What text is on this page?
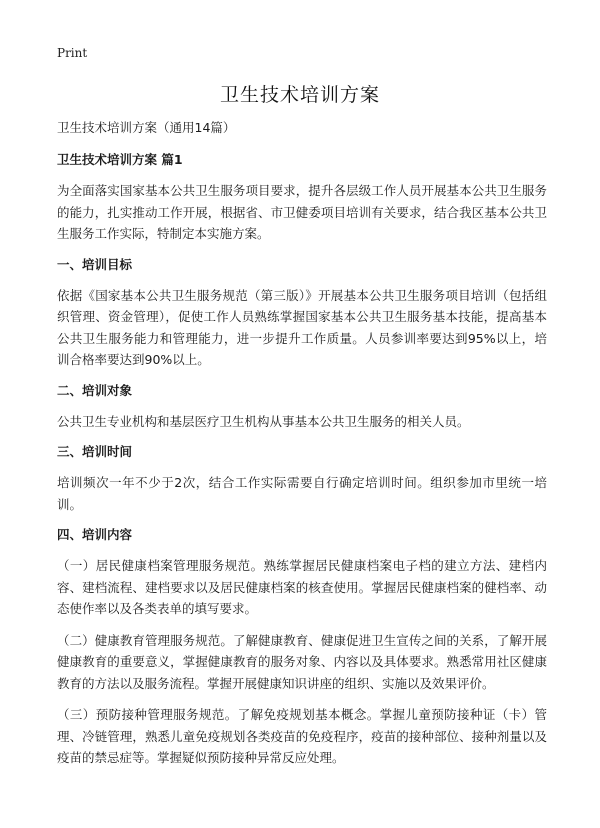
Print
卫生技术培训方案
卫生技术培训方案（通用14篇）
卫生技术培训方案 篇1
为全面落实国家基本公共卫生服务项目要求，提升各层级工作人员开展基本公共卫生服务的能力，扎实推动工作开展，根据省、市卫健委项目培训有关要求，结合我区基本公共卫生服务工作实际，特制定本实施方案。
一、培训目标
依据《国家基本公共卫生服务规范（第三版）》开展基本公共卫生服务项目培训（包括组织管理、资金管理），促使工作人员熟练掌握国家基本公共卫生服务基本技能，提高基本公共卫生服务能力和管理能力，进一步提升工作质量。人员参训率要达到95%以上，培训合格率要达到90%以上。
二、培训对象
公共卫生专业机构和基层医疗卫生机构从事基本公共卫生服务的相关人员。
三、培训时间
培训频次一年不少于2次，结合工作实际需要自行确定培训时间。组织参加市里统一培训。
四、培训内容
（一）居民健康档案管理服务规范。熟练掌握居民健康档案电子档的建立方法、建档内容、建档流程、建档要求以及居民健康档案的核查使用。掌握居民健康档案的健档率、动态使作率以及各类表单的填写要求。
（二）健康教育管理服务规范。了解健康教育、健康促进卫生宣传之间的关系，了解开展健康教育的重要意义，掌握健康教育的服务对象、内容以及具体要求。熟悉常用社区健康教育的方法以及服务流程。掌握开展健康知识讲座的组织、实施以及效果评价。
（三）预防接种管理服务规范。了解免疫规划基本概念。掌握儿童预防接种证（卡）管理、冷链管理，熟悉儿童免疫规划各类疫苗的免疫程序，疫苗的接种部位、接种剂量以及疫苗的禁忌症等。掌握疑似预防接种异常反应处理。
